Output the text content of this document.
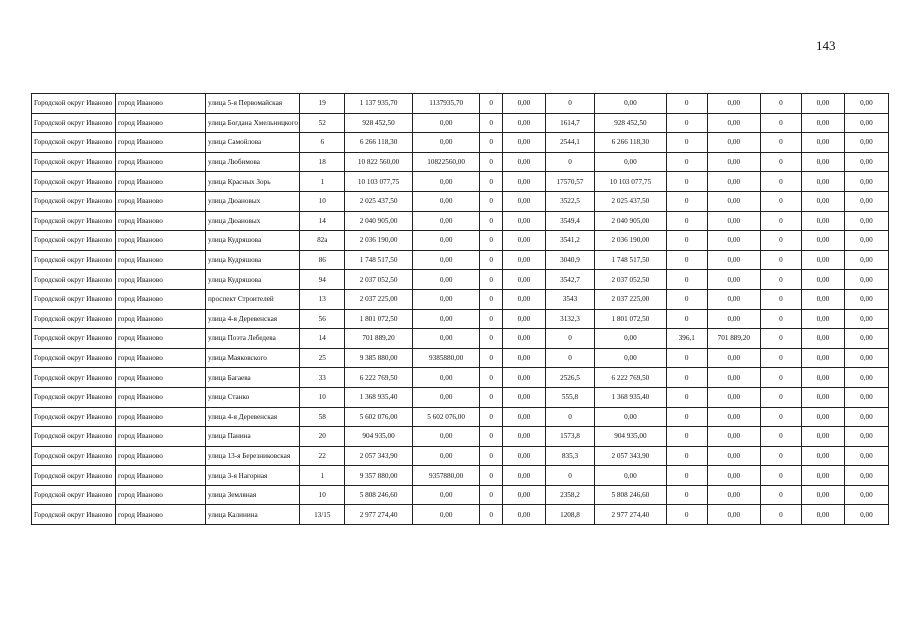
143
Городской округ Иваново	город Иваново	улица 5-я Первомайская	19	1 137 935,70	1137935,70	0	0,00	0	0,00	0	0,00	0	0,00	0,00
Городской округ Иваново	город Иваново	улица Богдана Хмельницкого	52	928 452,50	0,00	0	0,00	1614,7	928 452,50	0	0,00	0	0,00	0,00
Городской округ Иваново	город Иваново	улица Самойлова	6	6 266 118,30	0,00	0	0,00	2544,1	6 266 118,30	0	0,00	0	0,00	0,00
Городской округ Иваново	город Иваново	улица Любимова	18	10 822 560,00	10822560,00	0	0,00	0	0,00	0	0,00	0	0,00	0,00
Городской округ Иваново	город Иваново	улица Красных Зорь	1	10 103 077,75	0,00	0	0,00	17570,57	10 103 077,75	0	0,00	0	0,00	0,00
Городской округ Иваново	город Иваново	улица Дюановых	10	2 025 437,50	0,00	0	0,00	3522,5	2 025 437,50	0	0,00	0	0,00	0,00
Городской округ Иваново	город Иваново	улица Дюановых	14	2 040 905,00	0,00	0	0,00	3549,4	2 040 905,00	0	0,00	0	0,00	0,00
Городской округ Иваново	город Иваново	улица Кудряшова	82а	2 036 190,00	0,00	0	0,00	3541,2	2 036 190,00	0	0,00	0	0,00	0,00
Городской округ Иваново	город Иваново	улица Кудряшова	86	1 748 517,50	0,00	0	0,00	3040,9	1 748 517,50	0	0,00	0	0,00	0,00
Городской округ Иваново	город Иваново	улица Кудряшова	94	2 037 052,50	0,00	0	0,00	3542,7	2 037 052,50	0	0,00	0	0,00	0,00
Городской округ Иваново	город Иваново	проспект Строителей	13	2 037 225,00	0,00	0	0,00	3543	2 037 225,00	0	0,00	0	0,00	0,00
Городской округ Иваново	город Иваново	улица 4-я Деревенская	56	1 801 072,50	0,00	0	0,00	3132,3	1 801 072,50	0	0,00	0	0,00	0,00
Городской округ Иваново	город Иваново	улица Поэта Лебедева	14	701 889,20	0,00	0	0,00	0	0,00	396,1	701 889,20	0	0,00	0,00
Городской округ Иваново	город Иваново	улица Маяковского	25	9 385 880,00	9385880,00	0	0,00	0	0,00	0	0,00	0	0,00	0,00
Городской округ Иваново	город Иваново	улица Багаева	33	6 222 769,50	0,00	0	0,00	2526,5	6 222 769,50	0	0,00	0	0,00	0,00
Городской округ Иваново	город Иваново	улица Станко	10	1 368 935,40	0,00	0	0,00	555,8	1 368 935,40	0	0,00	0	0,00	0,00
Городской округ Иваново	город Иваново	улица 4-я Деревенская	58	5 602 076,00	5 602 076,00	0	0,00	0	0,00	0	0,00	0	0,00	0,00
Городской округ Иваново	город Иваново	улица Панина	20	904 935,00	0,00	0	0,00	1573,8	904 935,00	0	0,00	0	0,00	0,00
Городской округ Иваново	город Иваново	улица 13-я Березниковская	22	2 057 343,90	0,00	0	0,00	835,3	2 057 343,90	0	0,00	0	0,00	0,00
Городской округ Иваново	город Иваново	улица 3-я Нагорная	1	9 357 880,00	9357880,00	0	0,00	0	0,00	0	0,00	0	0,00	0,00
Городской округ Иваново	город Иваново	улица Земляная	10	5 808 246,60	0,00	0	0,00	2358,2	5 808 246,60	0	0,00	0	0,00	0,00
Городской округ Иваново	город Иваново	улица Калинина	13/15	2 977 274,40	0,00	0	0,00	1208,8	2 977 274,40	0	0,00	0	0,00	0,00
